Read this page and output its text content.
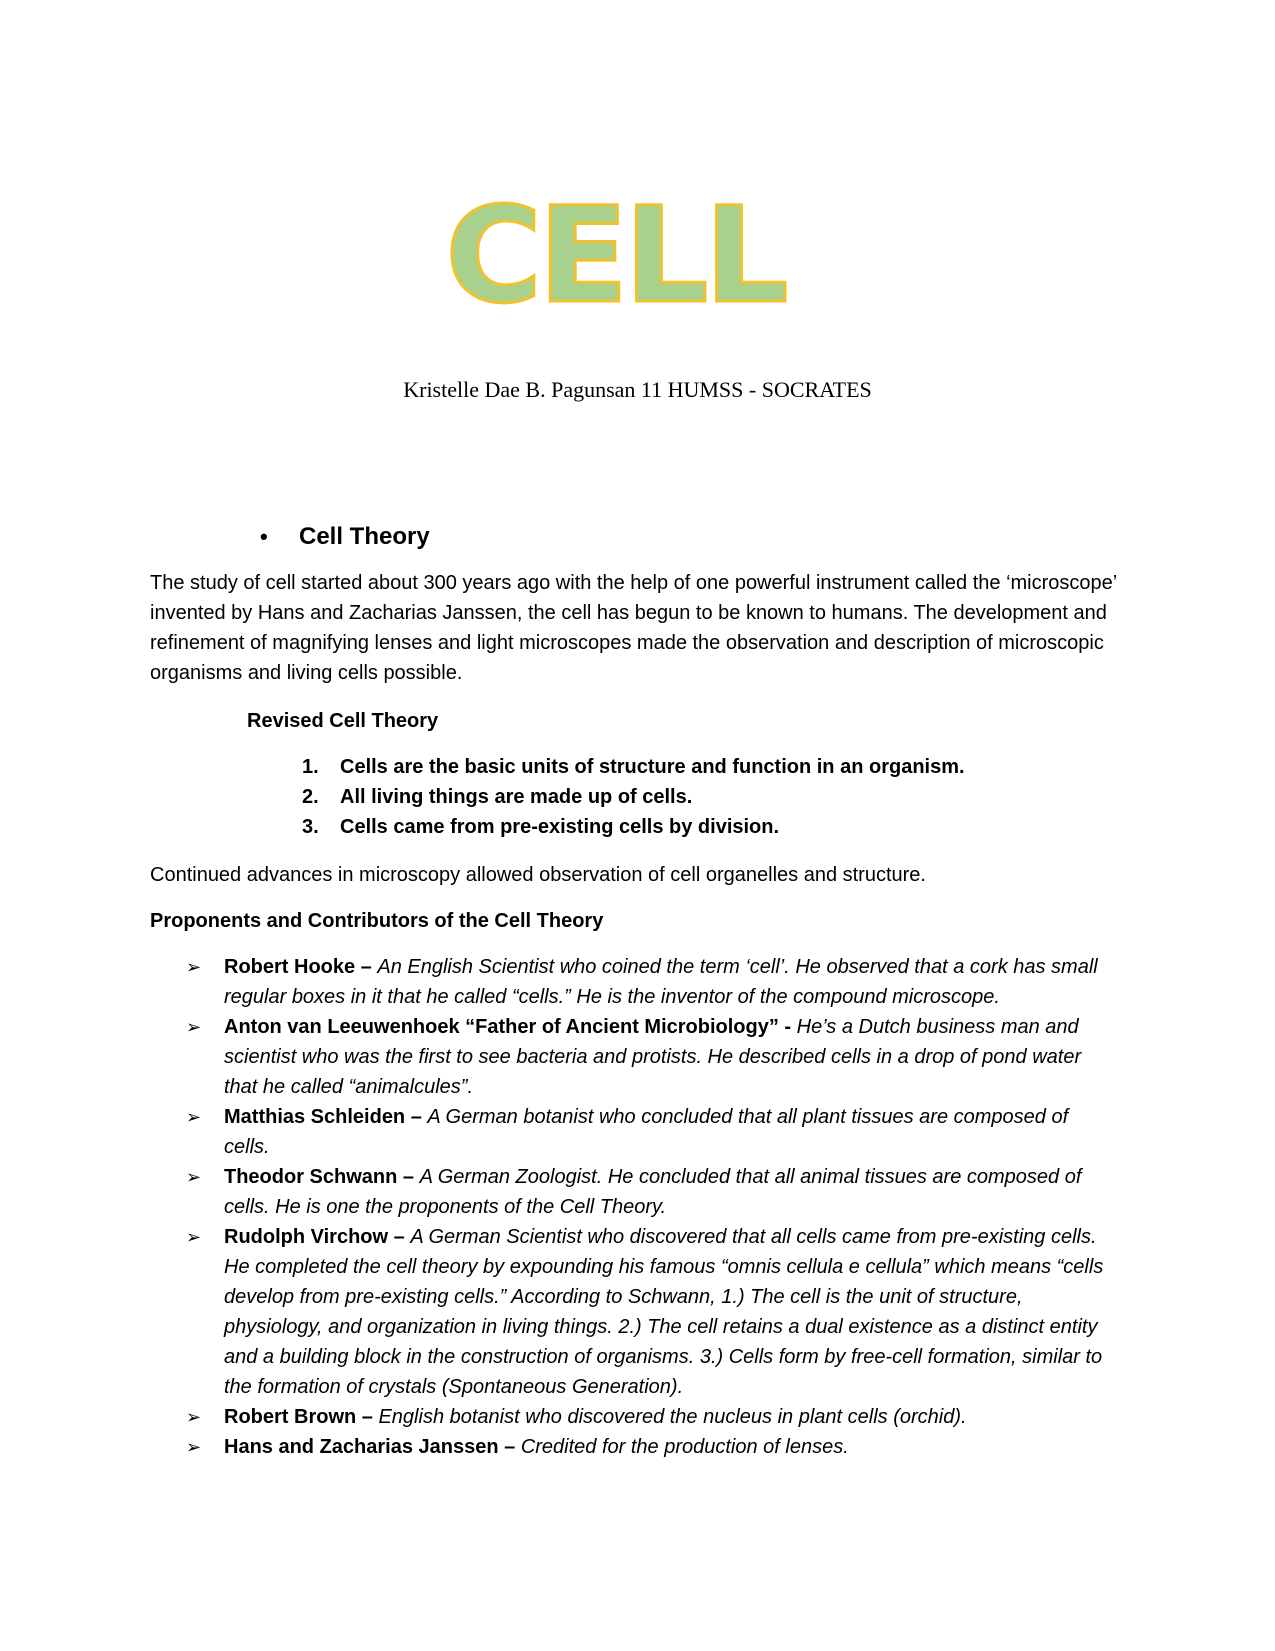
CELL
Kristelle Dae B. Pagunsan 11 HUMSS - SOCRATES
• Cell Theory
The study of cell started about 300 years ago with the help of one powerful instrument called the ‘microscope’ invented by Hans and Zacharias Janssen, the cell has begun to be known to humans. The development and refinement of magnifying lenses and light microscopes made the observation and description of microscopic organisms and living cells possible.
Revised Cell Theory
1.	Cells are the basic units of structure and function in an organism.
2.	All living things are made up of cells.
3.	Cells came from pre-existing cells by division.
Continued advances in microscopy allowed observation of cell organelles and structure.
Proponents and Contributors of the Cell Theory
➢	Robert Hooke – An English Scientist who coined the term ‘cell’. He observed that a cork has small regular boxes in it that he called “cells.” He is the inventor of the compound microscope.
➢	Anton van Leeuwenhoek “Father of Ancient Microbiology” - He’s a Dutch business man and scientist who was the first to see bacteria and protists. He described cells in a drop of pond water that he called “animalcules”.
➢	Matthias Schleiden – A German botanist who concluded that all plant tissues are composed of cells.
➢	Theodor Schwann – A German Zoologist. He concluded that all animal tissues are composed of cells. He is one the proponents of the Cell Theory.
➢	Rudolph Virchow – A German Scientist who discovered that all cells came from pre-existing cells. He completed the cell theory by expounding his famous “omnis cellula e cellula” which means “cells develop from pre-existing cells.” According to Schwann, 1.) The cell is the unit of structure, physiology, and organization in living things. 2.) The cell retains a dual existence as a distinct entity and a building block in the construction of organisms. 3.) Cells form by free-cell formation, similar to the formation of crystals (Spontaneous Generation).
➢	Robert Brown – English botanist who discovered the nucleus in plant cells (orchid).
➢	Hans and Zacharias Janssen – Credited for the production of lenses.
